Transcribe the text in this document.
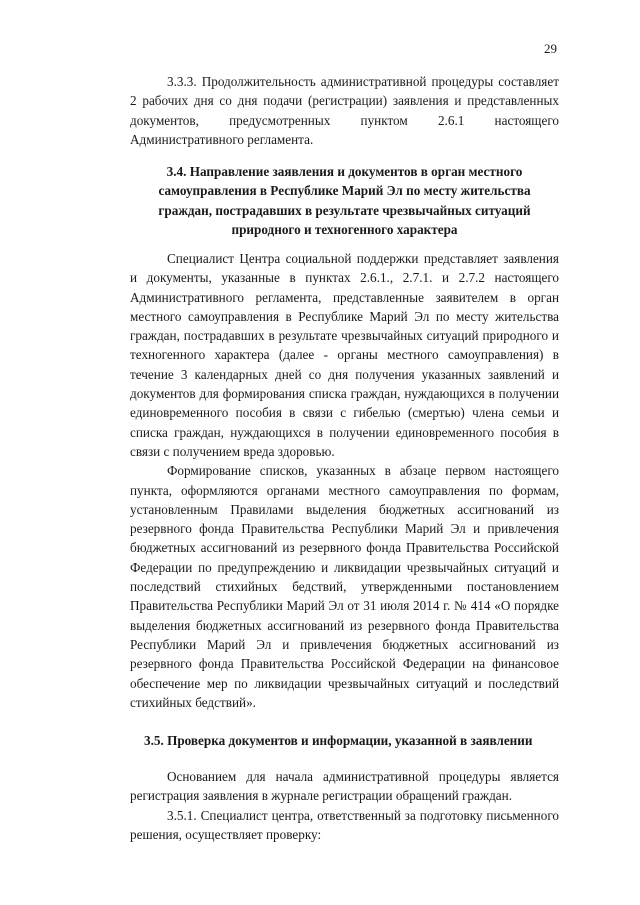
29

3.3.3. Продолжительность административной процедуры составляет 2 рабочих дня со дня подачи (регистрации) заявления и представленных документов, предусмотренных пунктом 2.6.1 настоящего Административного регламента.

3.4. Направление заявления и документов в орган местного самоуправления в Республике Марий Эл по месту жительства граждан, пострадавших в результате чрезвычайных ситуаций природного и техногенного характера

Специалист Центра социальной поддержки представляет заявления и документы, указанные в пунктах 2.6.1., 2.7.1. и 2.7.2 настоящего Административного регламента, представленные заявителем в орган местного самоуправления в Республике Марий Эл по месту жительства граждан, пострадавших в результате чрезвычайных ситуаций природного и техногенного характера (далее - органы местного самоуправления) в течение 3 календарных дней со дня получения указанных заявлений и документов для формирования списка граждан, нуждающихся в получении единовременного пособия в связи с гибелью (смертью) члена семьи и списка граждан, нуждающихся в получении единовременного пособия в связи с получением вреда здоровью.

Формирование списков, указанных в абзаце первом настоящего пункта, оформляются органами местного самоуправления по формам, установленным Правилами выделения бюджетных ассигнований из резервного фонда Правительства Республики Марий Эл и привлечения бюджетных ассигнований из резервного фонда Правительства Российской Федерации по предупреждению и ликвидации чрезвычайных ситуаций и последствий стихийных бедствий, утвержденными постановлением Правительства Республики Марий Эл от 31 июля 2014 г. № 414 «О порядке выделения бюджетных ассигнований из резервного фонда Правительства Республики Марий Эл и привлечения бюджетных ассигнований из резервного фонда Правительства Российской Федерации на финансовое обеспечение мер по ликвидации чрезвычайных ситуаций и последствий стихийных бедствий».

3.5. Проверка документов и информации, указанной в заявлении

Основанием для начала административной процедуры является регистрация заявления в журнале регистрации обращений граждан.

3.5.1. Специалист центра, ответственный за подготовку письменного решения, осуществляет проверку:
